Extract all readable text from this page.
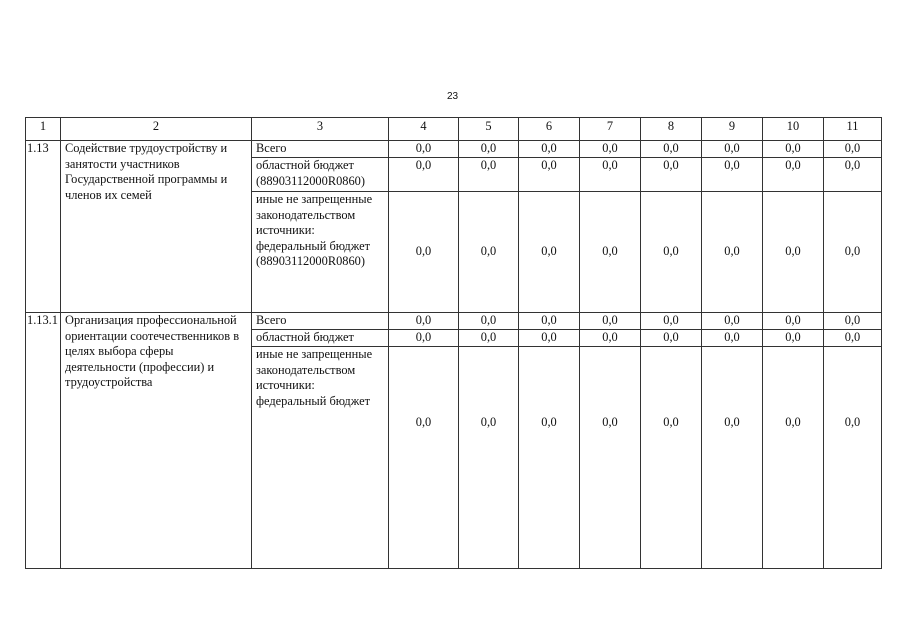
23
1	2	3	4	5	6	7	8	9	10	11
1.13	Содействие трудоустройству и занятости участников Государственной программы и членов их семей	Всего	0,0	0,0	0,0	0,0	0,0	0,0	0,0	0,0
		областной бюджет (88903112000R0860)	0,0	0,0	0,0	0,0	0,0	0,0	0,0	0,0
		иные не запрещенные законодательством источники: федеральный бюджет (88903112000R0860)	0,0	0,0	0,0	0,0	0,0	0,0	0,0	0,0
1.13.1	Организация профессиональной ориентации соотечественников в целях выбора сферы деятельности (профессии) и трудоустройства	Всего	0,0	0,0	0,0	0,0	0,0	0,0	0,0	0,0
		областной бюджет	0,0	0,0	0,0	0,0	0,0	0,0	0,0	0,0
		иные не запрещенные законодательством источники: федеральный бюджет	0,0	0,0	0,0	0,0	0,0	0,0	0,0	0,0
